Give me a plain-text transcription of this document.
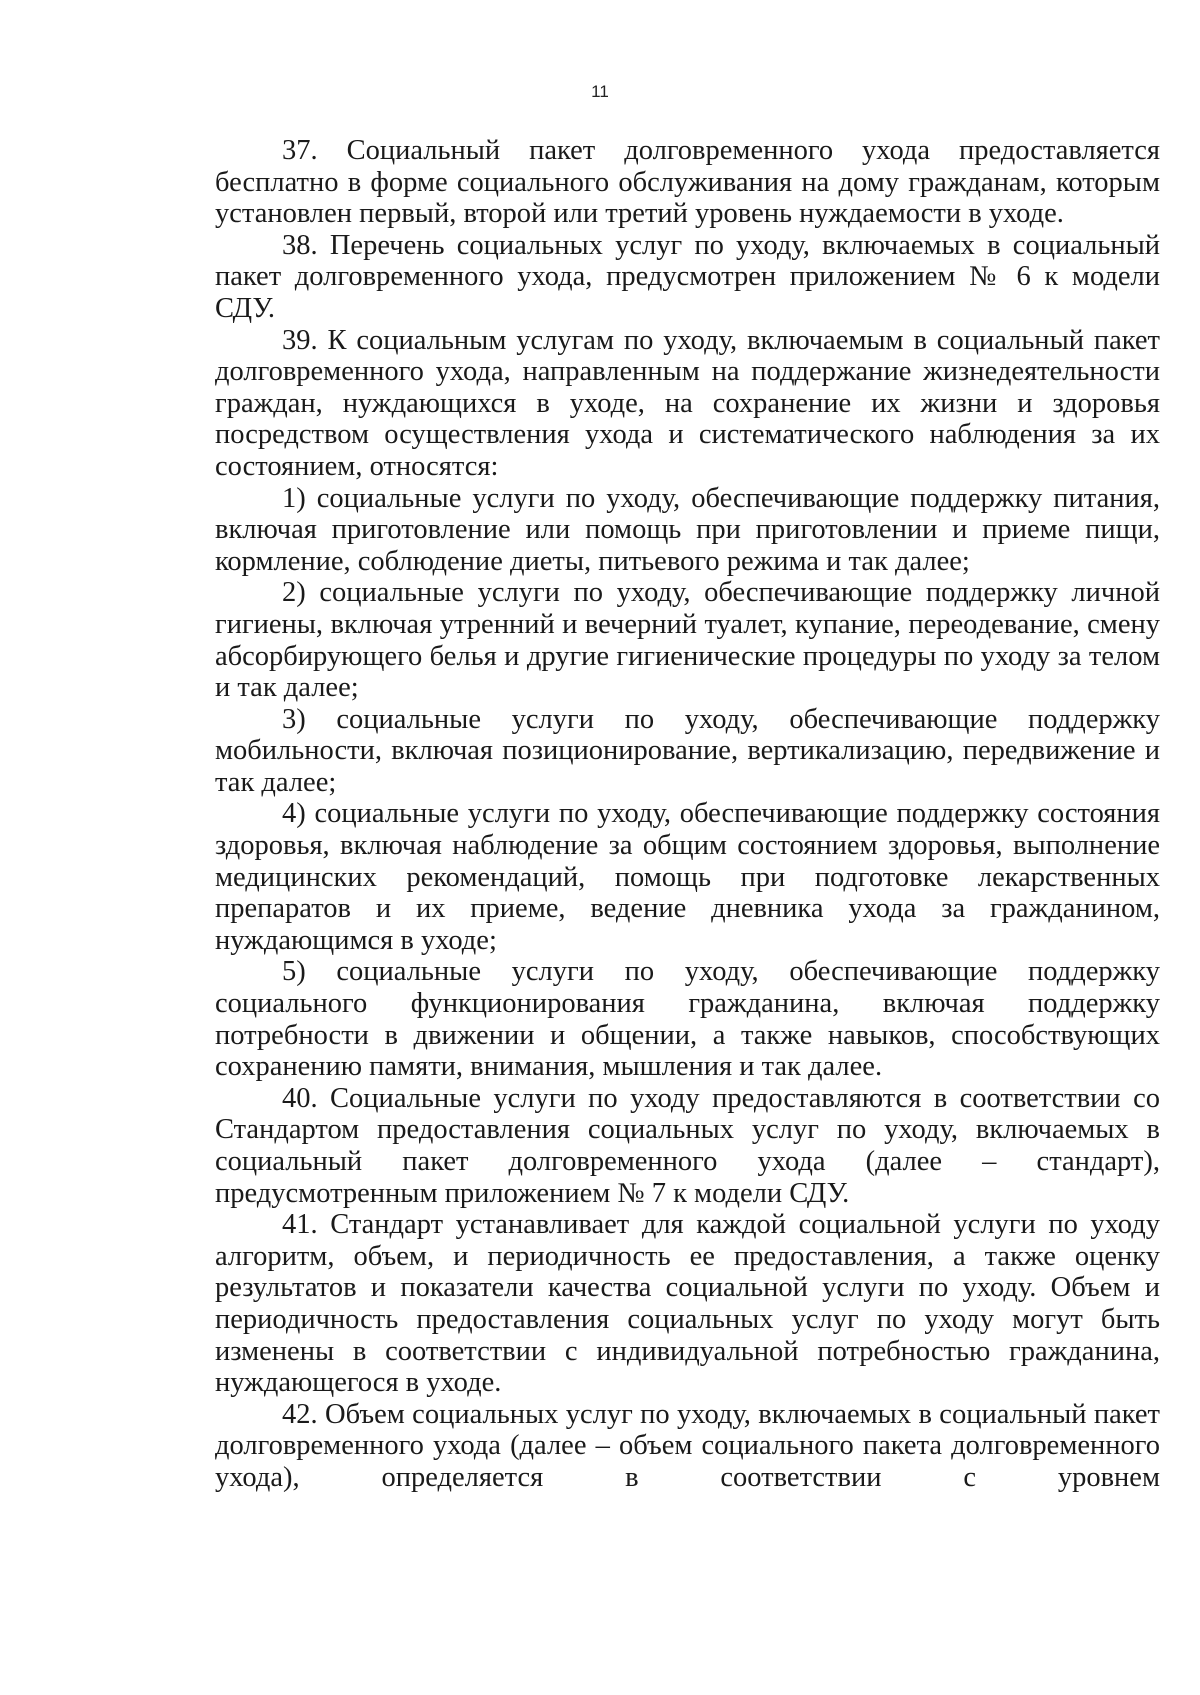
11

37. Социальный пакет долговременного ухода предоставляется бесплатно в форме социального обслуживания на дому гражданам, которым установлен первый, второй или третий уровень нуждаемости в уходе.

38. Перечень социальных услуг по уходу, включаемых в социальный пакет долговременного ухода, предусмотрен приложением № 6 к модели СДУ.

39. К социальным услугам по уходу, включаемым в социальный пакет долговременного ухода, направленным на поддержание жизнедеятельности граждан, нуждающихся в уходе, на сохранение их жизни и здоровья посредством осуществления ухода и систематического наблюдения за их состоянием, относятся:

1) социальные услуги по уходу, обеспечивающие поддержку питания, включая приготовление или помощь при приготовлении и приеме пищи, кормление, соблюдение диеты, питьевого режима и так далее;

2) социальные услуги по уходу, обеспечивающие поддержку личной гигиены, включая утренний и вечерний туалет, купание, переодевание, смену абсорбирующего белья и другие гигиенические процедуры по уходу за телом и так далее;

3) социальные услуги по уходу, обеспечивающие поддержку мобильности, включая позиционирование, вертикализацию, передвижение и так далее;

4) социальные услуги по уходу, обеспечивающие поддержку состояния здоровья, включая наблюдение за общим состоянием здоровья, выполнение медицинских рекомендаций, помощь при подготовке лекарственных препаратов и их приеме, ведение дневника ухода за гражданином, нуждающимся в уходе;

5) социальные услуги по уходу, обеспечивающие поддержку социального функционирования гражданина, включая поддержку потребности в движении и общении, а также навыков, способствующих сохранению памяти, внимания, мышления и так далее.

40. Социальные услуги по уходу предоставляются в соответствии со Стандартом предоставления социальных услуг по уходу, включаемых в социальный пакет долговременного ухода (далее – стандарт), предусмотренным приложением № 7 к модели СДУ.

41. Стандарт устанавливает для каждой социальной услуги по уходу алгоритм, объем, и периодичность ее предоставления, а также оценку результатов и показатели качества социальной услуги по уходу. Объем и периодичность предоставления социальных услуг по уходу могут быть изменены в соответствии с индивидуальной потребностью гражданина, нуждающегося в уходе.

42. Объем социальных услуг по уходу, включаемых в социальный пакет долговременного ухода (далее – объем социального пакета долговременного ухода), определяется в соответствии с уровнем
